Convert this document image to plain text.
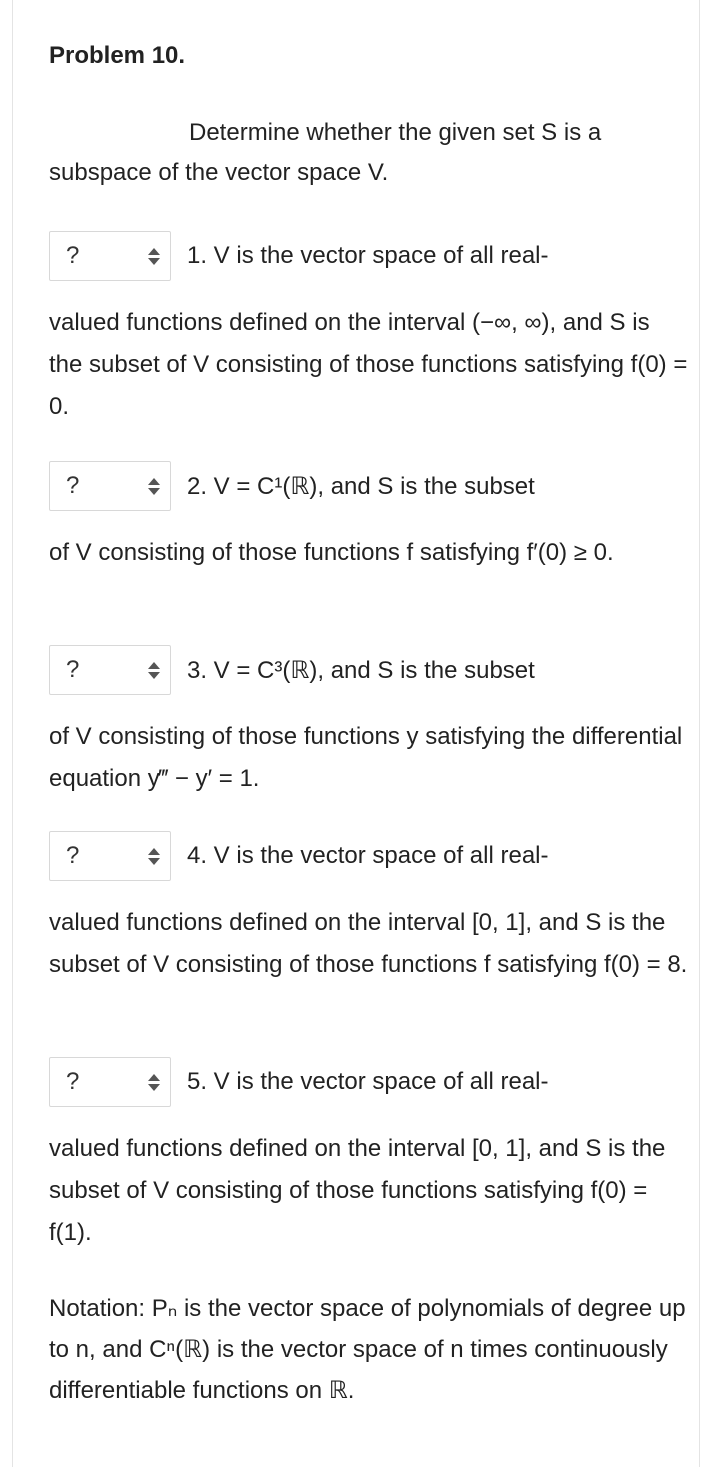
Problem 10.
Determine whether the given set S is a subspace of the vector space V.
?	1. V is the vector space of all real-
valued functions defined on the interval (−∞, ∞), and S is the subset of V consisting of those functions satisfying f(0) = 0.
?	2. V = C¹(ℝ), and S is the subset
of V consisting of those functions f satisfying f′(0) ≥ 0.
?	3. V = C³(ℝ), and S is the subset
of V consisting of those functions y satisfying the differential equation y‴ − y′ = 1.
?	4. V is the vector space of all real-
valued functions defined on the interval [0, 1], and S is the subset of V consisting of those functions f satisfying f(0) = 8.
?	5. V is the vector space of all real-
valued functions defined on the interval [0, 1], and S is the subset of V consisting of those functions satisfying f(0) = f(1).
Notation: Pₙ is the vector space of polynomials of degree up to n, and Cⁿ(ℝ) is the vector space of n times continuously differentiable functions on ℝ.
